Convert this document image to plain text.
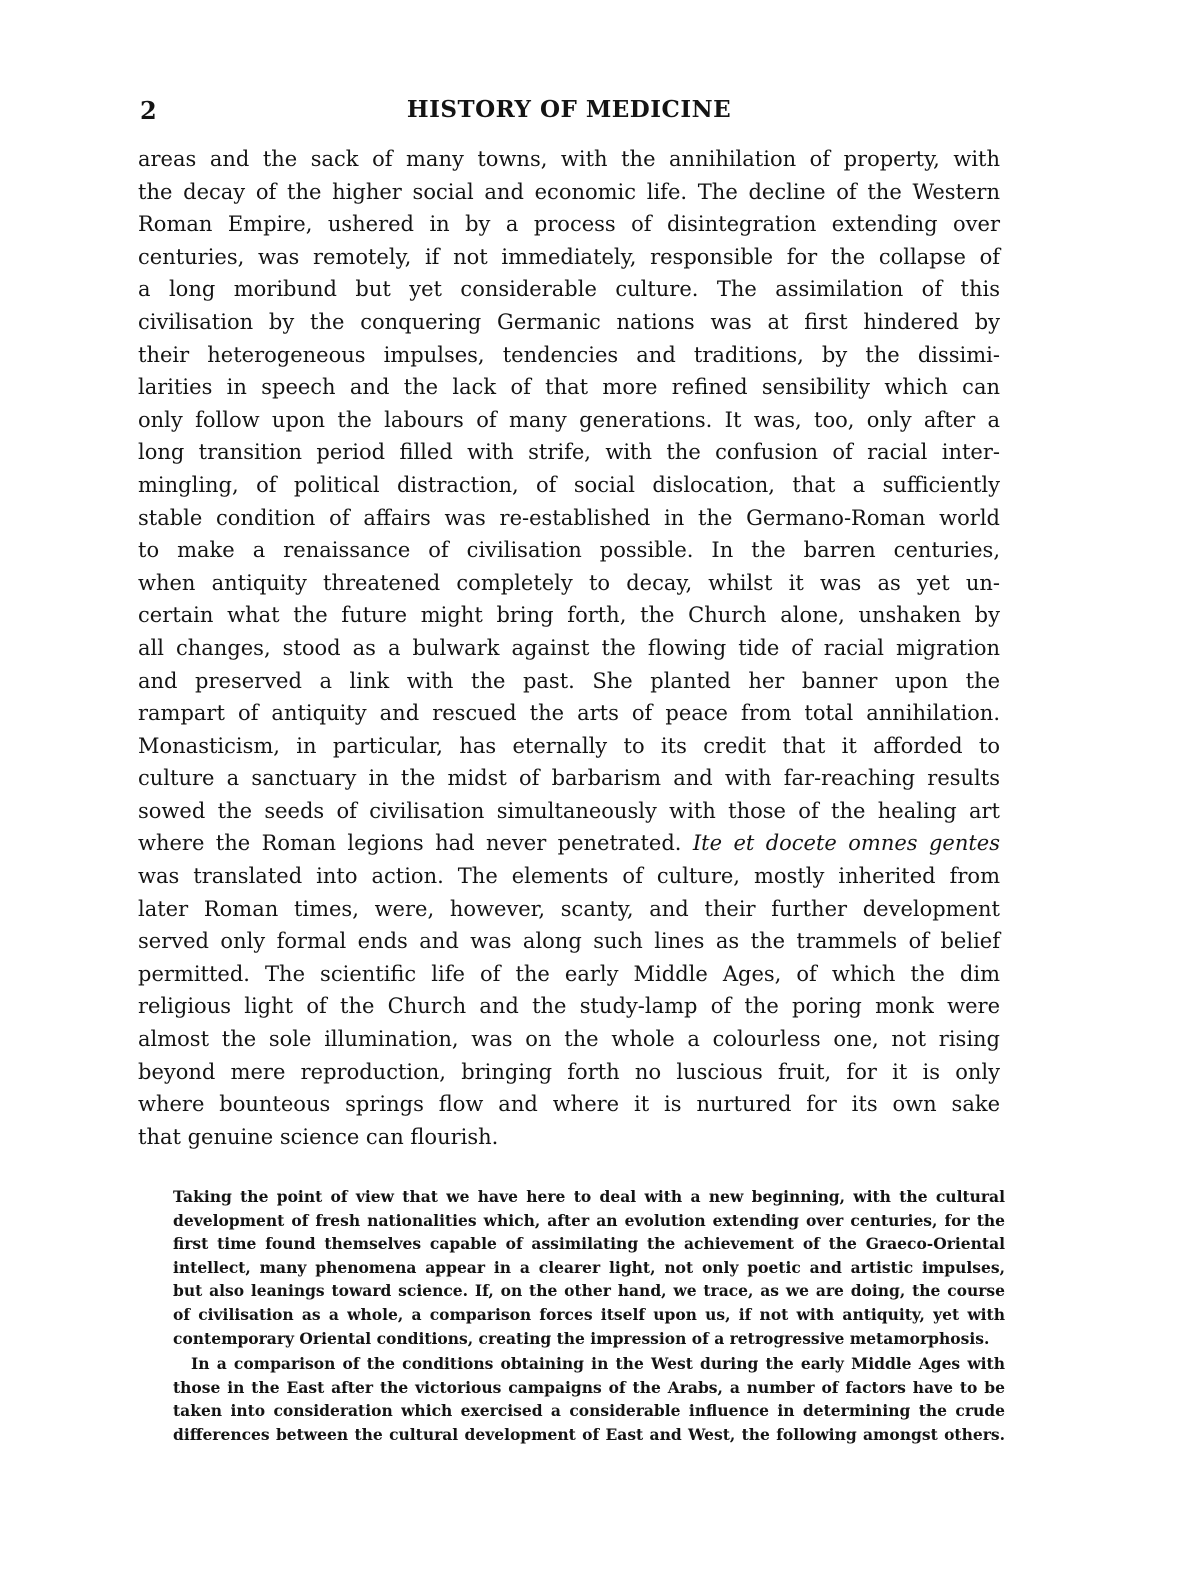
2	HISTORY OF MEDICINE
areas and the sack of many towns, with the annihilation of property, with
the decay of the higher social and economic life. The decline of the Western
Roman Empire, ushered in by a process of disintegration extending over
centuries, was remotely, if not immediately, responsible for the collapse of
a long moribund but yet considerable culture. The assimilation of this
civilisation by the conquering Germanic nations was at first hindered by
their heterogeneous impulses, tendencies and traditions, by the dissimi-
larities in speech and the lack of that more refined sensibility which can
only follow upon the labours of many generations. It was, too, only after a
long transition period filled with strife, with the confusion of racial inter-
mingling, of political distraction, of social dislocation, that a sufficiently
stable condition of affairs was re-established in the Germano-Roman world
to make a renaissance of civilisation possible. In the barren centuries,
when antiquity threatened completely to decay, whilst it was as yet un-
certain what the future might bring forth, the Church alone, unshaken by
all changes, stood as a bulwark against the flowing tide of racial migration
and preserved a link with the past. She planted her banner upon the
rampart of antiquity and rescued the arts of peace from total annihilation.
Monasticism, in particular, has eternally to its credit that it afforded to
culture a sanctuary in the midst of barbarism and with far-reaching results
sowed the seeds of civilisation simultaneously with those of the healing art
where the Roman legions had never penetrated. Ite et docete omnes gentes
was translated into action. The elements of culture, mostly inherited from
later Roman times, were, however, scanty, and their further development
served only formal ends and was along such lines as the trammels of belief
permitted. The scientific life of the early Middle Ages, of which the dim
religious light of the Church and the study-lamp of the poring monk were
almost the sole illumination, was on the whole a colourless one, not rising
beyond mere reproduction, bringing forth no luscious fruit, for it is only
where bounteous springs flow and where it is nurtured for its own sake
that genuine science can flourish.
Taking the point of view that we have here to deal with a new beginning, with the cultural
development of fresh nationalities which, after an evolution extending over centuries, for the
first time found themselves capable of assimilating the achievement of the Graeco-Oriental
intellect, many phenomena appear in a clearer light, not only poetic and artistic impulses,
but also leanings toward science. If, on the other hand, we trace, as we are doing, the course
of civilisation as a whole, a comparison forces itself upon us, if not with antiquity, yet with
contemporary Oriental conditions, creating the impression of a retrogressive metamorphosis.
In a comparison of the conditions obtaining in the West during the early Middle Ages with
those in the East after the victorious campaigns of the Arabs, a number of factors have to be
taken into consideration which exercised a considerable influence in determining the crude
differences between the cultural development of East and West, the following amongst others.
